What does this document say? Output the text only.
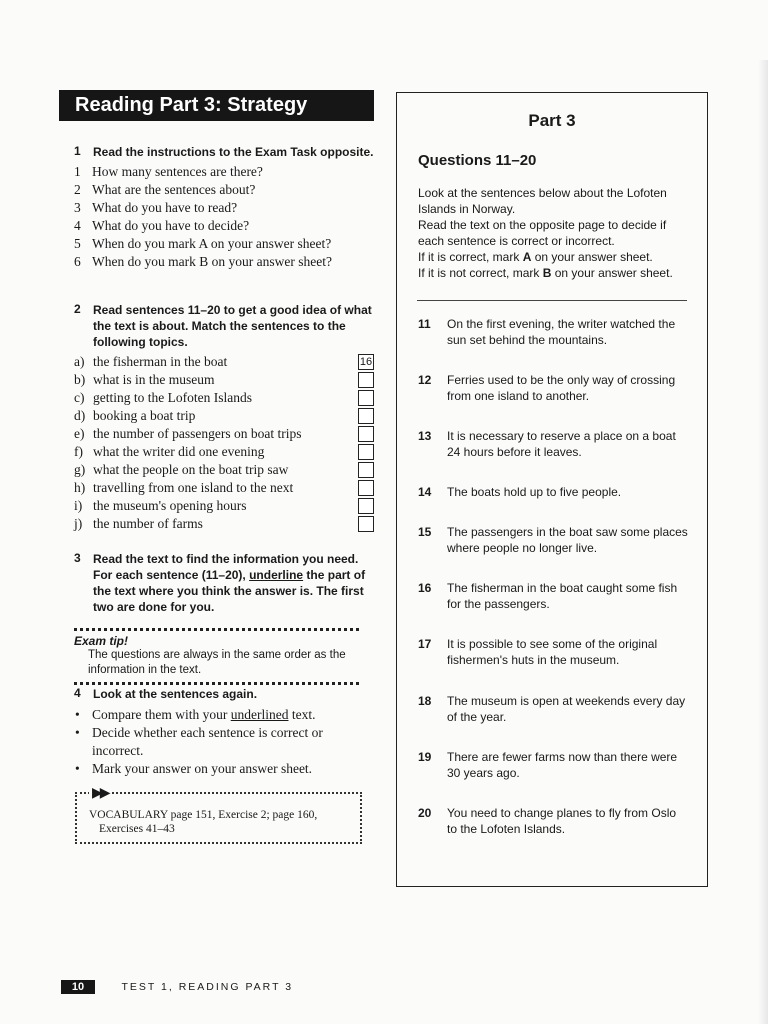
Reading Part 3: Strategy
1 Read the instructions to the Exam Task opposite.
1 How many sentences are there?
2 What are the sentences about?
3 What do you have to read?
4 What do you have to decide?
5 When do you mark A on your answer sheet?
6 When do you mark B on your answer sheet?
2 Read sentences 11–20 to get a good idea of what the text is about. Match the sentences to the following topics.
a) the fisherman in the boat	16
b) what is in the museum
c) getting to the Lofoten Islands
d) booking a boat trip
e) the number of passengers on boat trips
f) what the writer did one evening
g) what the people on the boat trip saw
h) travelling from one island to the next
i) the museum's opening hours
j) the number of farms
3 Read the text to find the information you need. For each sentence (11–20), underline the part of the text where you think the answer is. The first two are done for you.
Exam tip!
The questions are always in the same order as the information in the text.
4 Look at the sentences again.
• Compare them with your underlined text.
• Decide whether each sentence is correct or incorrect.
• Mark your answer on your answer sheet.
▶▶
VOCABULARY page 151, Exercise 2; page 160,
Exercises 41–43
Part 3
Questions 11–20
Look at the sentences below about the Lofoten Islands in Norway.
Read the text on the opposite page to decide if each sentence is correct or incorrect.
If it is correct, mark A on your answer sheet.
If it is not correct, mark B on your answer sheet.
11 On the first evening, the writer watched the sun set behind the mountains.
12 Ferries used to be the only way of crossing from one island to another.
13 It is necessary to reserve a place on a boat 24 hours before it leaves.
14 The boats hold up to five people.
15 The passengers in the boat saw some places where people no longer live.
16 The fisherman in the boat caught some fish for the passengers.
17 It is possible to see some of the original fishermen's huts in the museum.
18 The museum is open at weekends every day of the year.
19 There are fewer farms now than there were 30 years ago.
20 You need to change planes to fly from Oslo to the Lofoten Islands.
10	TEST 1, READING PART 3
